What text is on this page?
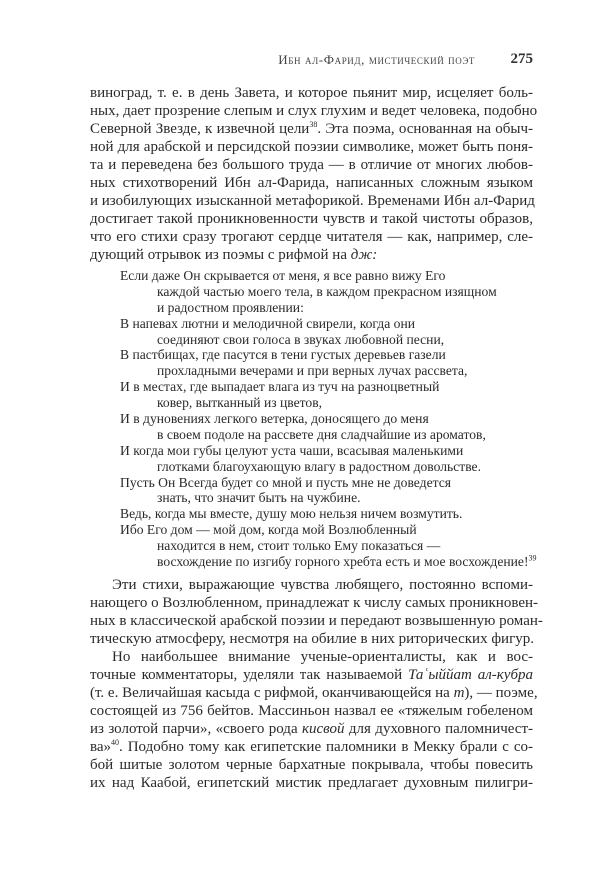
Ибн ал-Фарид, мистический поэт 275
виноград, т. е. в день Завета, и которое пьянит мир, исцеляет боль-
ных, дает прозрение слепым и слух глухим и ведет человека, подобно
Северной Звезде, к извечной цели$^{38}$. Эта поэма, основанная на обыч-
ной для арабской и персидской поэзии символике, может быть поня-
та и переведена без большого труда — в отличие от многих любов-
ных стихотворений Ибн ал-Фарида, написанных сложным языком
и изобилующих изысканной метафорикой. Временами Ибн ал-Фарид
достигает такой проникновенности чувств и такой чистоты образов,
что его стихи сразу трогают сердце читателя — как, например, сле-
дующий отрывок из поэмы с рифмой на дж:
Если даже Он скрывается от меня, я все равно вижу Его
каждой частью моего тела, в каждом прекрасном изящном
и радостном проявлении:
В напевах лютни и мелодичной свирели, когда они
соединяют свои голоса в звуках любовной песни,
В пастбищах, где пасутся в тени густых деревьев газели
прохладными вечерами и при верных лучах рассвета,
И в местах, где выпадает влага из туч на разноцветный
ковер, вытканный из цветов,
И в дуновениях легкого ветерка, доносящего до меня
в своем подоле на рассвете дня сладчайшие из ароматов,
И когда мои губы целуют уста чаши, всасывая маленькими
глотками благоухающую влагу в радостном довольстве.
Пусть Он Всегда будет со мной и пусть мне не доведется
знать, что значит быть на чужбине.
Ведь, когда мы вместе, душу мою нельзя ничем возмутить.
Ибо Его дом — мой дом, когда мой Возлюбленный
находится в нем, стоит только Ему показаться —
восхождение по изгибу горного хребта есть и мое восхождение!$^{39}$
Эти стихи, выражающие чувства любящего, постоянно вспоми-
нающего о Возлюбленном, принадлежат к числу самых проникновен-
ных в классической арабской поэзии и передают возвышенную роман-
тическую атмосферу, несмотря на обилие в них риторических фигур.
Но наибольшее внимание ученые-ориенталисты, как и вос-
точные комментаторы, уделяли так называемой Таʿыййат ал-кубра
(т. е. Величайшая касыда с рифмой, оканчивающейся на т), — поэме,
состоящей из 756 бейтов. Массиньон назвал ее «тяжелым гобеленом
из золотой парчи», «своего рода кисвой для духовного паломничест-
ва»$^{40}$. Подобно тому как египетские паломники в Мекку брали с со-
бой шитые золотом черные бархатные покрывала, чтобы повесить
их над Каабой, египетский мистик предлагает духовным пилигри-
